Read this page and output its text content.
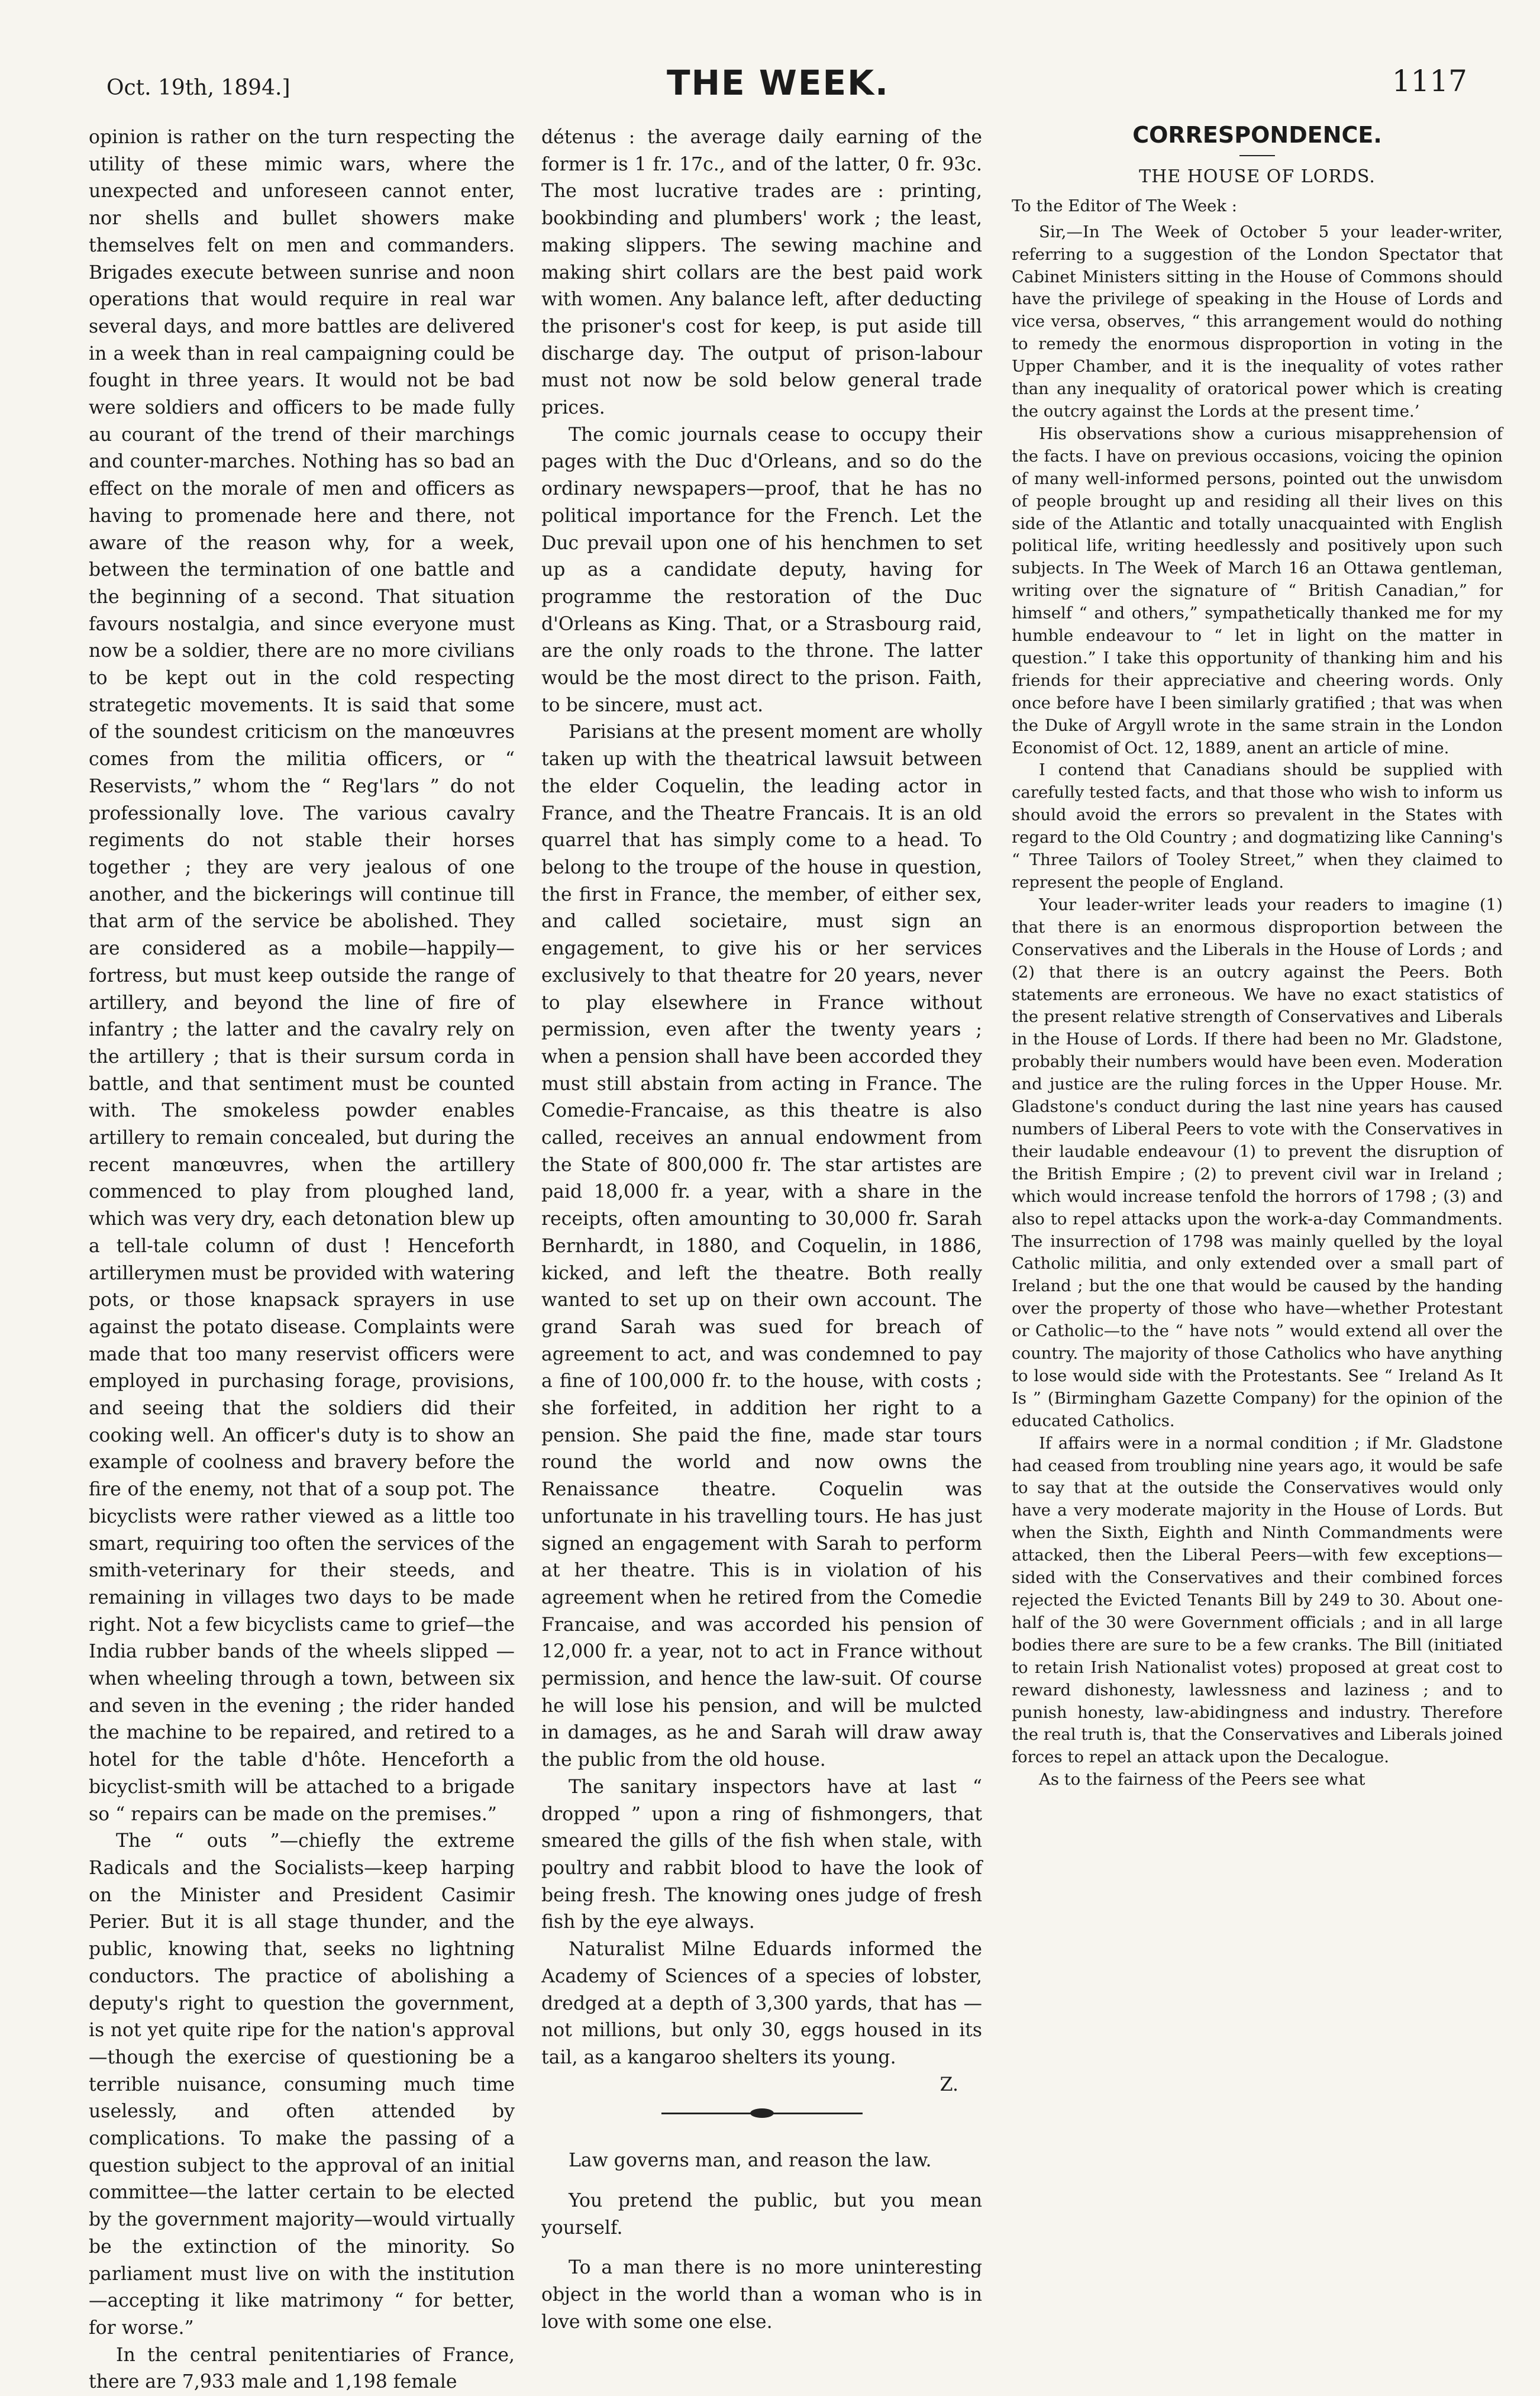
Oct. 19th, 1894.]	THE WEEK.	1117

opinion is rather on the turn respecting the utility of these mimic wars, where the unexpected and unforeseen cannot enter, nor shells and bullet showers make themselves felt on men and commanders. Brigades execute between sunrise and noon operations that would require in real war several days, and more battles are delivered in a week than in real campaigning could be fought in three years. It would not be bad were soldiers and officers to be made fully au courant of the trend of their marchings and counter-marches. Nothing has so bad an effect on the morale of men and officers as having to promenade here and there, not aware of the reason why, for a week, between the termination of one battle and the beginning of a second. That situation favours nostalgia, and since everyone must now be a soldier, there are no more civilians to be kept out in the cold respecting strategetic movements. It is said that some of the soundest criticism on the manœuvres comes from the militia officers, or “ Reservists,” whom the “ Reg'lars ” do not professionally love. The various cavalry regiments do not stable their horses together ; they are very jealous of one another, and the bickerings will continue till that arm of the service be abolished. They are considered as a mobile—happily—fortress, but must keep outside the range of artillery, and beyond the line of fire of infantry ; the latter and the cavalry rely on the artillery ; that is their sursum corda in battle, and that sentiment must be counted with. The smokeless powder enables artillery to remain concealed, but during the recent manœuvres, when the artillery commenced to play from ploughed land, which was very dry, each detonation blew up a tell-tale column of dust ! Henceforth artillerymen must be provided with watering pots, or those knapsack sprayers in use against the potato disease. Complaints were made that too many reservist officers were employed in purchasing forage, provisions, and seeing that the soldiers did their cooking well. An officer's duty is to show an example of coolness and bravery before the fire of the enemy, not that of a soup pot. The bicyclists were rather viewed as a little too smart, requiring too often the services of the smith-veterinary for their steeds, and remaining in villages two days to be made right. Not a few bicyclists came to grief—the India rubber bands of the wheels slipped —when wheeling through a town, between six and seven in the evening ; the rider handed the machine to be repaired, and retired to a hotel for the table d'hôte. Henceforth a bicyclist-smith will be attached to a brigade so “ repairs can be made on the premises.”

The “ outs ”—chiefly the extreme Radicals and the Socialists—keep harping on the Minister and President Casimir Perier. But it is all stage thunder, and the public, knowing that, seeks no lightning conductors. The practice of abolishing a deputy's right to question the government, is not yet quite ripe for the nation's approval—though the exercise of questioning be a terrible nuisance, consuming much time uselessly, and often attended by complications. To make the passing of a question subject to the approval of an initial committee—the latter certain to be elected by the government majority—would virtually be the extinction of the minority. So parliament must live on with the institution—accepting it like matrimony “ for better, for worse.”

In the central penitentiaries of France, there are 7,933 male and 1,198 female

détenus : the average daily earning of the former is 1 fr. 17c., and of the latter, 0 fr. 93c. The most lucrative trades are : printing, bookbinding and plumbers' work ; the least, making slippers. The sewing machine and making shirt collars are the best paid work with women. Any balance left, after deducting the prisoner's cost for keep, is put aside till discharge day. The output of prison-labour must not now be sold below general trade prices.

The comic journals cease to occupy their pages with the Duc d'Orleans, and so do the ordinary newspapers—proof, that he has no political importance for the French. Let the Duc prevail upon one of his henchmen to set up as a candidate deputy, having for programme the restoration of the Duc d'Orleans as King. That, or a Strasbourg raid, are the only roads to the throne. The latter would be the most direct to the prison. Faith, to be sincere, must act.

Parisians at the present moment are wholly taken up with the theatrical lawsuit between the elder Coquelin, the leading actor in France, and the Theatre Francais. It is an old quarrel that has simply come to a head. To belong to the troupe of the house in question, the first in France, the member, of either sex, and called societaire, must sign an engagement, to give his or her services exclusively to that theatre for 20 years, never to play elsewhere in France without permission, even after the twenty years ; when a pension shall have been accorded they must still abstain from acting in France. The Comedie-Francaise, as this theatre is also called, receives an annual endowment from the State of 800,000 fr. The star artistes are paid 18,000 fr. a year, with a share in the receipts, often amounting to 30,000 fr. Sarah Bernhardt, in 1880, and Coquelin, in 1886, kicked, and left the theatre. Both really wanted to set up on their own account. The grand Sarah was sued for breach of agreement to act, and was condemned to pay a fine of 100,000 fr. to the house, with costs ; she forfeited, in addition her right to a pension. She paid the fine, made star tours round the world and now owns the Renaissance theatre. Coquelin was unfortunate in his travelling tours. He has just signed an engagement with Sarah to perform at her theatre. This is in violation of his agreement when he retired from the Comedie Francaise, and was accorded his pension of 12,000 fr. a year, not to act in France without permission, and hence the law-suit. Of course he will lose his pension, and will be mulcted in damages, as he and Sarah will draw away the public from the old house.

The sanitary inspectors have at last “ dropped ” upon a ring of fishmongers, that smeared the gills of the fish when stale, with poultry and rabbit blood to have the look of being fresh. The knowing ones judge of fresh fish by the eye always.

Naturalist Milne Eduards informed the Academy of Sciences of a species of lobster, dredged at a depth of 3,300 yards, that has —not millions, but only 30, eggs housed in its tail, as a kangaroo shelters its young.

Z.

Law governs man, and reason the law.

You pretend the public, but you mean yourself.

To a man there is no more uninteresting object in the world than a woman who is in love with some one else.

CORRESPONDENCE.
THE HOUSE OF LORDS.

To the Editor of The Week :

Sir,—In The Week of October 5 your leader-writer, referring to a suggestion of the London Spectator that Cabinet Ministers sitting in the House of Commons should have the privilege of speaking in the House of Lords and vice versa, observes, “ this arrangement would do nothing to remedy the enormous disproportion in voting in the Upper Chamber, and it is the inequality of votes rather than any inequality of oratorical power which is creating the outcry against the Lords at the present time.’

His observations show a curious misapprehension of the facts. I have on previous occasions, voicing the opinion of many well-informed persons, pointed out the unwisdom of people brought up and residing all their lives on this side of the Atlantic and totally unacquainted with English political life, writing heedlessly and positively upon such subjects. In The Week of March 16 an Ottawa gentleman, writing over the signature of “ British Canadian,” for himself “ and others,” sympathetically thanked me for my humble endeavour to “ let in light on the matter in question.” I take this opportunity of thanking him and his friends for their appreciative and cheering words. Only once before have I been similarly gratified ; that was when the Duke of Argyll wrote in the same strain in the London Economist of Oct. 12, 1889, anent an article of mine.

I contend that Canadians should be supplied with carefully tested facts, and that those who wish to inform us should avoid the errors so prevalent in the States with regard to the Old Country ; and dogmatizing like Canning's “ Three Tailors of Tooley Street,” when they claimed to represent the people of England.

Your leader-writer leads your readers to imagine (1) that there is an enormous disproportion between the Conservatives and the Liberals in the House of Lords ; and (2) that there is an outcry against the Peers. Both statements are erroneous. We have no exact statistics of the present relative strength of Conservatives and Liberals in the House of Lords. If there had been no Mr. Gladstone, probably their numbers would have been even. Moderation and justice are the ruling forces in the Upper House. Mr. Gladstone's conduct during the last nine years has caused numbers of Liberal Peers to vote with the Conservatives in their laudable endeavour (1) to prevent the disruption of the British Empire ; (2) to prevent civil war in Ireland ; which would increase tenfold the horrors of 1798 ; (3) and also to repel attacks upon the work-a-day Commandments. The insurrection of 1798 was mainly quelled by the loyal Catholic militia, and only extended over a small part of Ireland ; but the one that would be caused by the handing over the property of those who have—whether Protestant or Catholic—to the “ have nots ” would extend all over the country. The majority of those Catholics who have anything to lose would side with the Protestants. See “ Ireland As It Is ” (Birmingham Gazette Company) for the opinion of the educated Catholics.

If affairs were in a normal condition ; if Mr. Gladstone had ceased from troubling nine years ago, it would be safe to say that at the outside the Conservatives would only have a very moderate majority in the House of Lords. But when the Sixth, Eighth and Ninth Commandments were attacked, then the Liberal Peers—with few exceptions—sided with the Conservatives and their combined forces rejected the Evicted Tenants Bill by 249 to 30. About one-half of the 30 were Government officials ; and in all large bodies there are sure to be a few cranks. The Bill (initiated to retain Irish Nationalist votes) proposed at great cost to reward dishonesty, lawlessness and laziness ; and to punish honesty, law-abidingness and industry. Therefore the real truth is, that the Conservatives and Liberals joined forces to repel an attack upon the Decalogue.

As to the fairness of the Peers see what
